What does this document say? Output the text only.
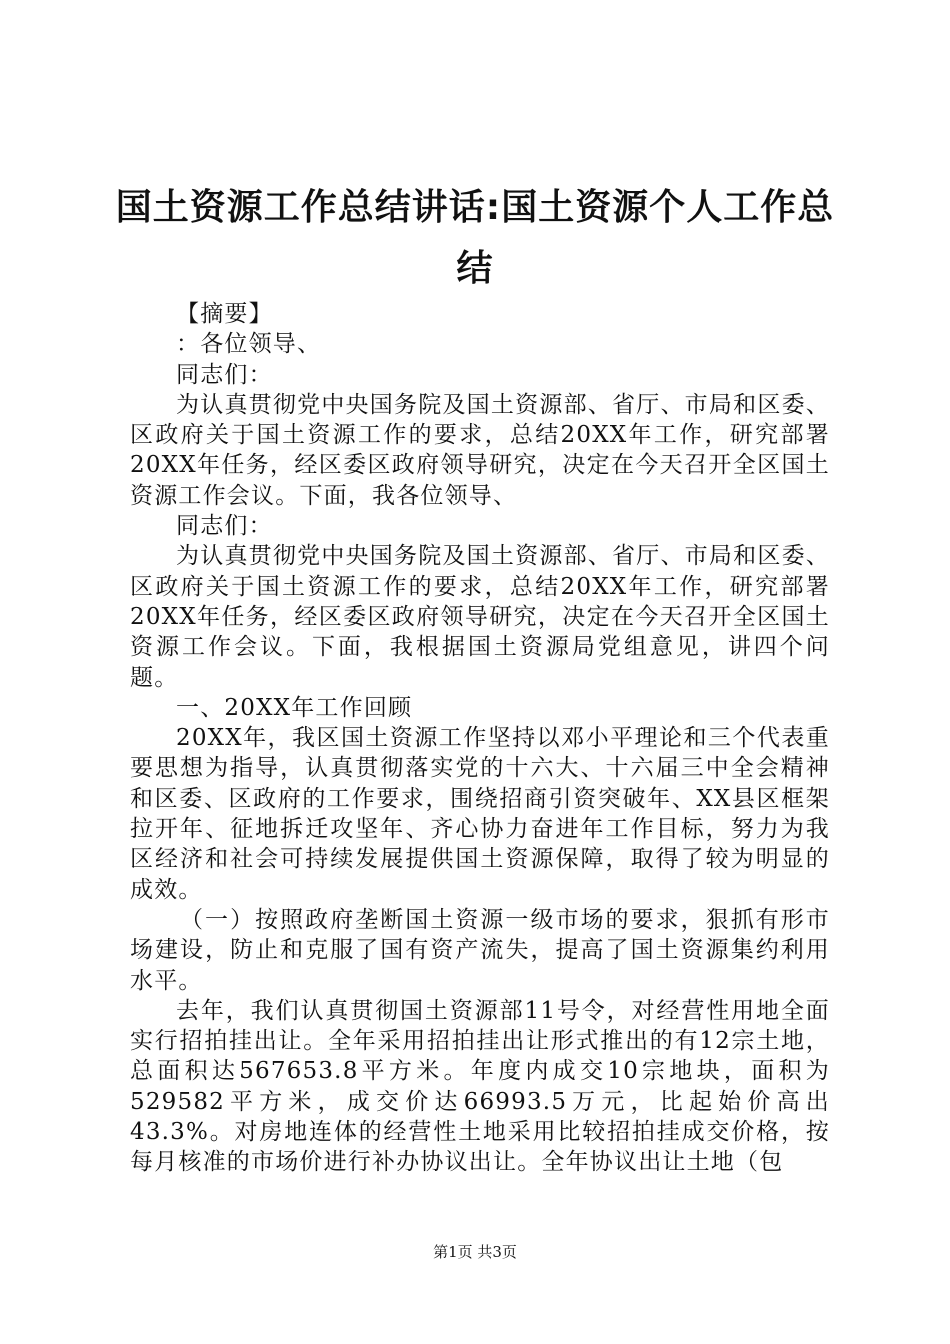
国土资源工作总结讲话:国土资源个人工作总
结

【摘要】

：各位领导、

同志们：

为认真贯彻党中央国务院及国土资源部、省厅、市局和区委、区政府关于国土资源工作的要求，总结20XX年工作，研究部署20XX年任务，经区委区政府领导研究，决定在今天召开全区国土资源工作会议。下面，我各位领导、

同志们：

为认真贯彻党中央国务院及国土资源部、省厅、市局和区委、区政府关于国土资源工作的要求，总结20XX年工作，研究部署20XX年任务，经区委区政府领导研究，决定在今天召开全区国土资源工作会议。下面，我根据国土资源局党组意见，讲四个问题。

一、20XX年工作回顾

20XX年，我区国土资源工作坚持以邓小平理论和三个代表重要思想为指导，认真贯彻落实党的十六大、十六届三中全会精神和区委、区政府的工作要求，围绕招商引资突破年、XX县区框架拉开年、征地拆迁攻坚年、齐心协力奋进年工作目标，努力为我区经济和社会可持续发展提供国土资源保障，取得了较为明显的成效。

（一）按照政府垄断国土资源一级市场的要求，狠抓有形市场建设，防止和克服了国有资产流失，提高了国土资源集约利用水平。

去年，我们认真贯彻国土资源部11号令，对经营性用地全面实行招拍挂出让。全年采用招拍挂出让形式推出的有12宗土地，总面积达567653.8平方米。年度内成交10宗地块，面积为529582平方米，成交价达66993.5万元，比起始价高出43.3%。对房地连体的经营性土地采用比较招拍挂成交价格，按每月核准的市场价进行补办协议出让。全年协议出让土地（包

第1页 共3页
